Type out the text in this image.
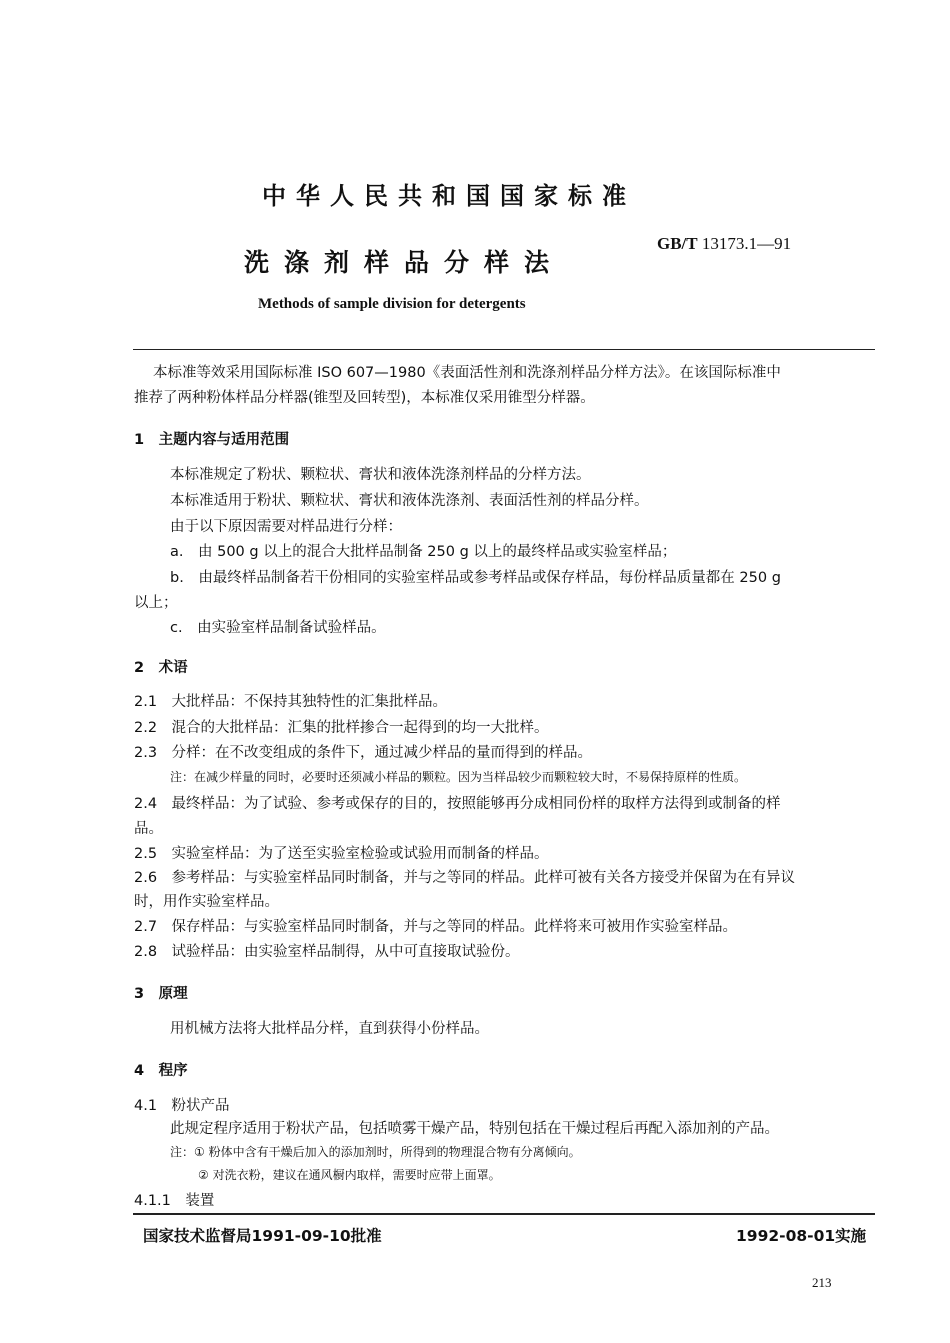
中华人民共和国国家标准
洗涤剂样品分样法
GB/T 13173.1—91
Methods of sample division for detergents
本标准等效采用国际标准 ISO 607—1980《表面活性剂和洗涤剂样品分样方法》。在该国际标准中
推荐了两种粉体样品分样器(锥型及回转型)，本标准仅采用锥型分样器。
1　主题内容与适用范围
本标准规定了粉状、颗粒状、膏状和液体洗涤剂样品的分样方法。
本标准适用于粉状、颗粒状、膏状和液体洗涤剂、表面活性剂的样品分样。
由于以下原因需要对样品进行分样：
a.　由 500 g 以上的混合大批样品制备 250 g 以上的最终样品或实验室样品；
b.　由最终样品制备若干份相同的实验室样品或参考样品或保存样品，每份样品质量都在 250 g
以上；
c.　由实验室样品制备试验样品。
2　术语
2.1　大批样品：不保持其独特性的汇集批样品。
2.2　混合的大批样品：汇集的批样掺合一起得到的均一大批样。
2.3　分样：在不改变组成的条件下，通过减少样品的量而得到的样品。
注：在减少样量的同时，必要时还须减小样品的颗粒。因为当样品较少而颗粒较大时，不易保持原样的性质。
2.4　最终样品：为了试验、参考或保存的目的，按照能够再分成相同份样的取样方法得到或制备的样
品。
2.5　实验室样品：为了送至实验室检验或试验用而制备的样品。
2.6　参考样品：与实验室样品同时制备，并与之等同的样品。此样可被有关各方接受并保留为在有异议
时，用作实验室样品。
2.7　保存样品：与实验室样品同时制备，并与之等同的样品。此样将来可被用作实验室样品。
2.8　试验样品：由实验室样品制得，从中可直接取试验份。
3　原理
用机械方法将大批样品分样，直到获得小份样品。
4　程序
4.1　粉状产品
此规定程序适用于粉状产品，包括喷雾干燥产品，特别包括在干燥过程后再配入添加剂的产品。
注：① 粉体中含有干燥后加入的添加剂时，所得到的物理混合物有分离倾向。
② 对洗衣粉，建议在通风橱内取样，需要时应带上面罩。
4.1.1　装置
国家技术监督局1991-09-10批准	1992-08-01实施
213
